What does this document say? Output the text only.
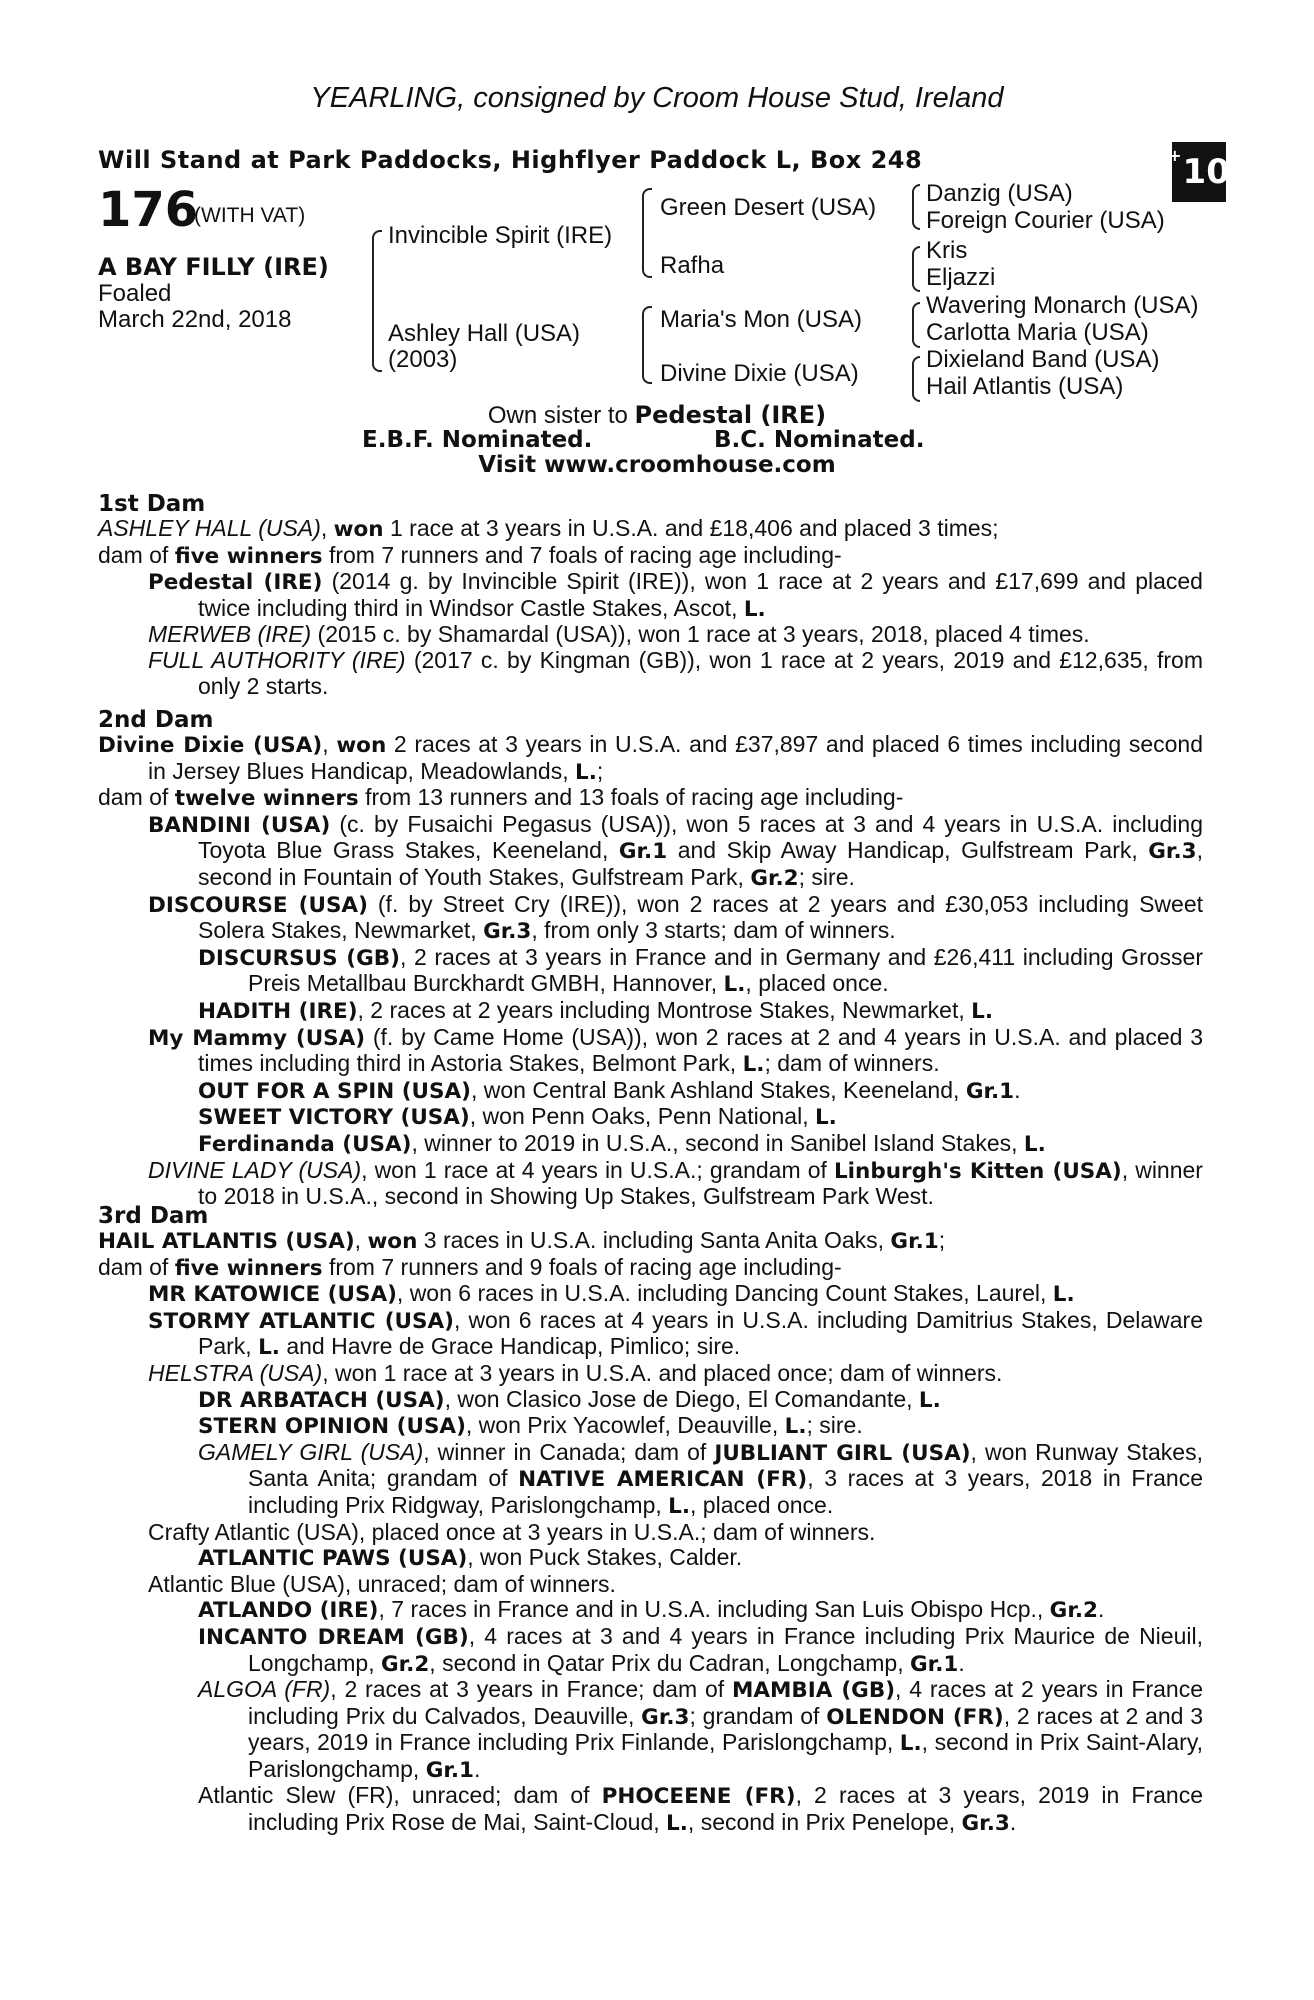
YEARLING, consigned by Croom House Stud, Ireland
Will Stand at Park Paddocks, Highflyer Paddock L, Box 248	+ 10
176
(WITH VAT)
A BAY FILLY (IRE)
Foaled
March 22nd, 2018
Invincible Spirit (IRE)
Ashley Hall (USA)
(2003)
Green Desert (USA)
Rafha
Maria's Mon (USA)
Divine Dixie (USA)
Danzig (USA)
Foreign Courier (USA)
Kris
Eljazzi
Wavering Monarch (USA)
Carlotta Maria (USA)
Dixieland Band (USA)
Hail Atlantis (USA)
Own sister to Pedestal (IRE)
E.B.F. Nominated.	B.C. Nominated.
Visit www.croomhouse.com
1st Dam

ASHLEY HALL (USA), won 1 race at 3 years in U.S.A. and £18,406 and placed 3 times;

dam of five winners from 7 runners and 7 foals of racing age including-

Pedestal (IRE) (2014 g. by Invincible Spirit (IRE)), won 1 race at 2 years and £17,699 and placed twice including third in Windsor Castle Stakes, Ascot, L.

MERWEB (IRE) (2015 c. by Shamardal (USA)), won 1 race at 3 years, 2018, placed 4 times.

FULL AUTHORITY (IRE) (2017 c. by Kingman (GB)), won 1 race at 2 years, 2019 and £12,635, from only 2 starts.

2nd Dam

Divine Dixie (USA), won 2 races at 3 years in U.S.A. and £37,897 and placed 6 times including second in Jersey Blues Handicap, Meadowlands, L.;

dam of twelve winners from 13 runners and 13 foals of racing age including-

BANDINI (USA) (c. by Fusaichi Pegasus (USA)), won 5 races at 3 and 4 years in U.S.A. including Toyota Blue Grass Stakes, Keeneland, Gr.1 and Skip Away Handicap, Gulfstream Park, Gr.3, second in Fountain of Youth Stakes, Gulfstream Park, Gr.2; sire.

DISCOURSE (USA) (f. by Street Cry (IRE)), won 2 races at 2 years and £30,053 including Sweet Solera Stakes, Newmarket, Gr.3, from only 3 starts; dam of winners.

DISCURSUS (GB), 2 races at 3 years in France and in Germany and £26,411 including Grosser Preis Metallbau Burckhardt GMBH, Hannover, L., placed once.

HADITH (IRE), 2 races at 2 years including Montrose Stakes, Newmarket, L.

My Mammy (USA) (f. by Came Home (USA)), won 2 races at 2 and 4 years in U.S.A. and placed 3 times including third in Astoria Stakes, Belmont Park, L.; dam of winners.

OUT FOR A SPIN (USA), won Central Bank Ashland Stakes, Keeneland, Gr.1.

SWEET VICTORY (USA), won Penn Oaks, Penn National, L.

Ferdinanda (USA), winner to 2019 in U.S.A., second in Sanibel Island Stakes, L.

DIVINE LADY (USA), won 1 race at 4 years in U.S.A.; grandam of Linburgh's Kitten (USA), winner to 2018 in U.S.A., second in Showing Up Stakes, Gulfstream Park West.

3rd Dam

HAIL ATLANTIS (USA), won 3 races in U.S.A. including Santa Anita Oaks, Gr.1;

dam of five winners from 7 runners and 9 foals of racing age including-

MR KATOWICE (USA), won 6 races in U.S.A. including Dancing Count Stakes, Laurel, L.

STORMY ATLANTIC (USA), won 6 races at 4 years in U.S.A. including Damitrius Stakes, Delaware Park, L. and Havre de Grace Handicap, Pimlico; sire.

HELSTRA (USA), won 1 race at 3 years in U.S.A. and placed once; dam of winners.

DR ARBATACH (USA), won Clasico Jose de Diego, El Comandante, L.

STERN OPINION (USA), won Prix Yacowlef, Deauville, L.; sire.

GAMELY GIRL (USA), winner in Canada; dam of JUBLIANT GIRL (USA), won Runway Stakes, Santa Anita; grandam of NATIVE AMERICAN (FR), 3 races at 3 years, 2018 in France including Prix Ridgway, Parislongchamp, L., placed once.

Crafty Atlantic (USA), placed once at 3 years in U.S.A.; dam of winners.

ATLANTIC PAWS (USA), won Puck Stakes, Calder.

Atlantic Blue (USA), unraced; dam of winners.

ATLANDO (IRE), 7 races in France and in U.S.A. including San Luis Obispo Hcp., Gr.2.

INCANTO DREAM (GB), 4 races at 3 and 4 years in France including Prix Maurice de Nieuil, Longchamp, Gr.2, second in Qatar Prix du Cadran, Longchamp, Gr.1.

ALGOA (FR), 2 races at 3 years in France; dam of MAMBIA (GB), 4 races at 2 years in France including Prix du Calvados, Deauville, Gr.3; grandam of OLENDON (FR), 2 races at 2 and 3 years, 2019 in France including Prix Finlande, Parislongchamp, L., second in Prix Saint-Alary, Parislongchamp, Gr.1.

Atlantic Slew (FR), unraced; dam of PHOCEENE (FR), 2 races at 3 years, 2019 in France including Prix Rose de Mai, Saint-Cloud, L., second in Prix Penelope, Gr.3.
